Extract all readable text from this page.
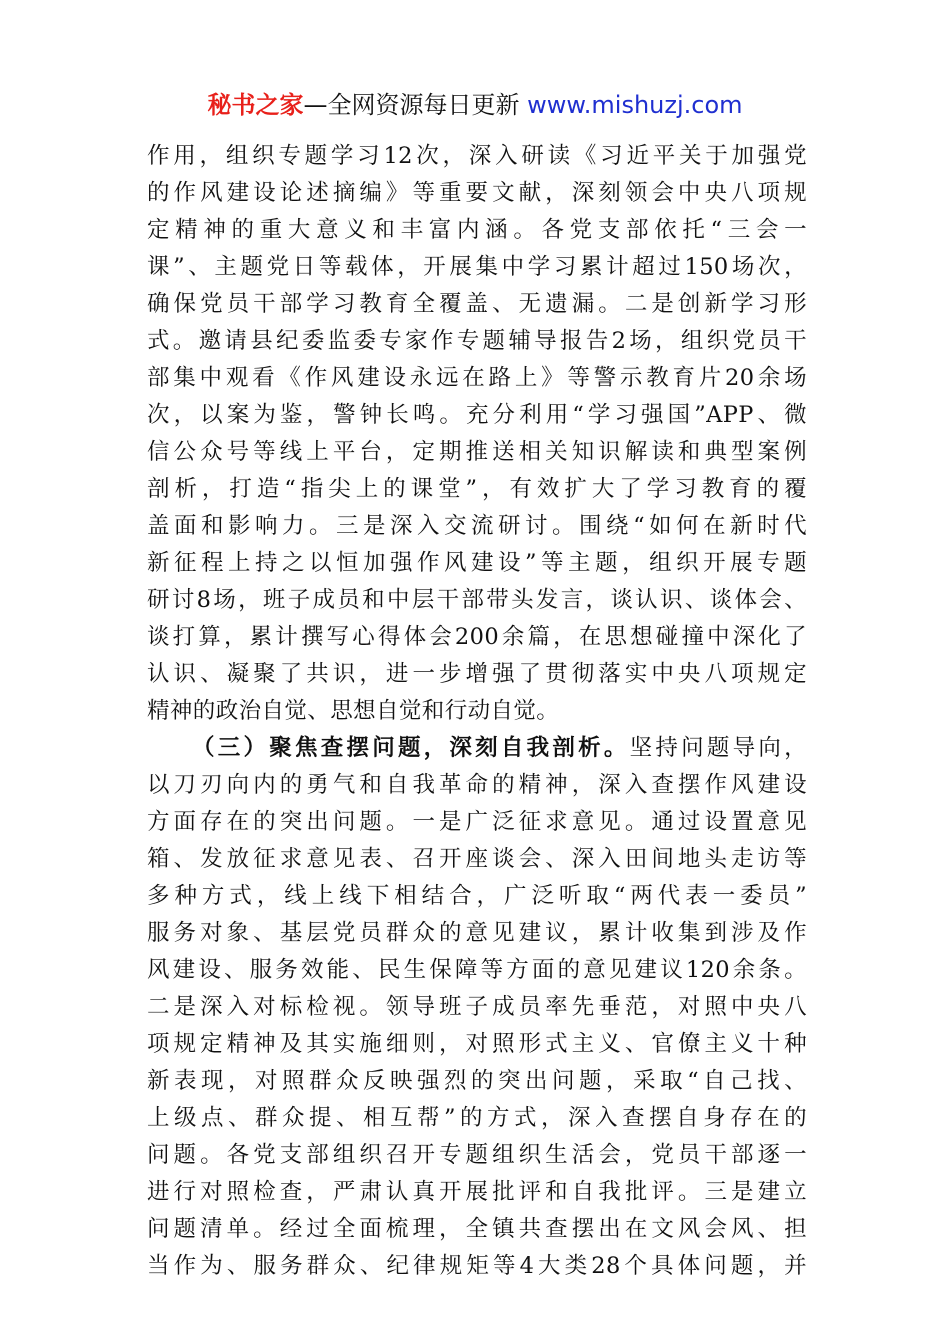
秘书之家—全网资源每日更新 www.mishuzj.com
作用，组织专题学习12次，深入研读《习近平关于加强党
的作风建设论述摘编》等重要文献，深刻领会中央八项规
定精神的重大意义和丰富内涵。各党支部依托“三会一
课”、主题党日等载体，开展集中学习累计超过150场次，
确保党员干部学习教育全覆盖、无遗漏。二是创新学习形
式。邀请县纪委监委专家作专题辅导报告2场，组织党员干
部集中观看《作风建设永远在路上》等警示教育片20余场
次，以案为鉴，警钟长鸣。充分利用“学习强国”APP、微
信公众号等线上平台，定期推送相关知识解读和典型案例
剖析，打造“指尖上的课堂”，有效扩大了学习教育的覆
盖面和影响力。三是深入交流研讨。围绕“如何在新时代
新征程上持之以恒加强作风建设”等主题，组织开展专题
研讨8场，班子成员和中层干部带头发言，谈认识、谈体会、
谈打算，累计撰写心得体会200余篇，在思想碰撞中深化了
认识、凝聚了共识，进一步增强了贯彻落实中央八项规定
精神的政治自觉、思想自觉和行动自觉。
（三）聚焦查摆问题，深刻自我剖析。坚持问题导向，
以刀刃向内的勇气和自我革命的精神，深入查摆作风建设
方面存在的突出问题。一是广泛征求意见。通过设置意见
箱、发放征求意见表、召开座谈会、深入田间地头走访等
多种方式，线上线下相结合，广泛听取“两代表一委员”
服务对象、基层党员群众的意见建议，累计收集到涉及作
风建设、服务效能、民生保障等方面的意见建议120余条。
二是深入对标检视。领导班子成员率先垂范，对照中央八
项规定精神及其实施细则，对照形式主义、官僚主义十种
新表现，对照群众反映强烈的突出问题，采取“自己找、
上级点、群众提、相互帮”的方式，深入查摆自身存在的
问题。各党支部组织召开专题组织生活会，党员干部逐一
进行对照检查，严肃认真开展批评和自我批评。三是建立
问题清单。经过全面梳理，全镇共查摆出在文风会风、担
当作为、服务群众、纪律规矩等4大类28个具体问题，并
